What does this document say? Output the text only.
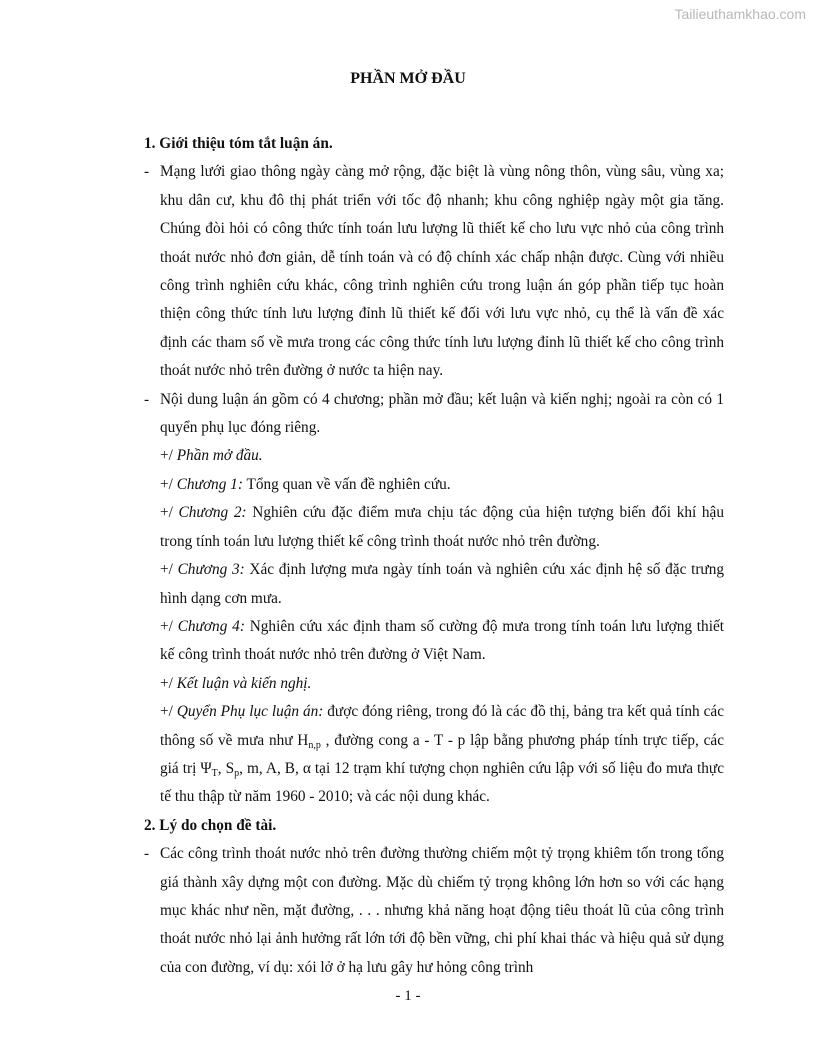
Tailieuthamkhao.com
PHẦN MỞ ĐẦU
1. Giới thiệu tóm tắt luận án.
- Mạng lưới giao thông ngày càng mở rộng, đặc biệt là vùng nông thôn, vùng sâu, vùng xa; khu dân cư, khu đô thị phát triển với tốc độ nhanh; khu công nghiệp ngày một gia tăng. Chúng đòi hỏi có công thức tính toán lưu lượng lũ thiết kế cho lưu vực nhỏ của công trình thoát nước nhỏ đơn giản, dễ tính toán và có độ chính xác chấp nhận được. Cùng với nhiều công trình nghiên cứu khác, công trình nghiên cứu trong luận án góp phần tiếp tục hoàn thiện công thức tính lưu lượng đỉnh lũ thiết kế đối với lưu vực nhỏ, cụ thể là vấn đề xác định các tham số về mưa trong các công thức tính lưu lượng đỉnh lũ thiết kế cho công trình thoát nước nhỏ trên đường ở nước ta hiện nay.
- Nội dung luận án gồm có 4 chương; phần mở đầu; kết luận và kiến nghị; ngoài ra còn có 1 quyển phụ lục đóng riêng.
+/ Phần mở đầu.
+/ Chương 1: Tổng quan về vấn đề nghiên cứu.
+/ Chương 2: Nghiên cứu đặc điểm mưa chịu tác động của hiện tượng biến đổi khí hậu trong tính toán lưu lượng thiết kế công trình thoát nước nhỏ trên đường.
+/ Chương 3: Xác định lượng mưa ngày tính toán và nghiên cứu xác định hệ số đặc trưng hình dạng cơn mưa.
+/ Chương 4: Nghiên cứu xác định tham số cường độ mưa trong tính toán lưu lượng thiết kế công trình thoát nước nhỏ trên đường ở Việt Nam.
+/ Kết luận và kiến nghị.
+/ Quyển Phụ lục luận án: được đóng riêng, trong đó là các đồ thị, bảng tra kết quả tính các thông số về mưa như $H_{n,p}$ , đường cong a - T - p lập bằng phương pháp tính trực tiếp, các giá trị $\Psi_T$, $S_p$, m, A, B, α tại 12 trạm khí tượng chọn nghiên cứu lập với số liệu đo mưa thực tế thu thập từ năm 1960 - 2010; và các nội dung khác.
2. Lý do chọn đề tài.
- Các công trình thoát nước nhỏ trên đường thường chiếm một tỷ trọng khiêm tốn trong tổng giá thành xây dựng một con đường. Mặc dù chiếm tỷ trọng không lớn hơn so với các hạng mục khác như nền, mặt đường, . . . nhưng khả năng hoạt động tiêu thoát lũ của công trình thoát nước nhỏ lại ảnh hưởng rất lớn tới độ bền vững, chi phí khai thác và hiệu quả sử dụng của con đường, ví dụ: xói lở ở hạ lưu gây hư hỏng công trình
- 1 -
